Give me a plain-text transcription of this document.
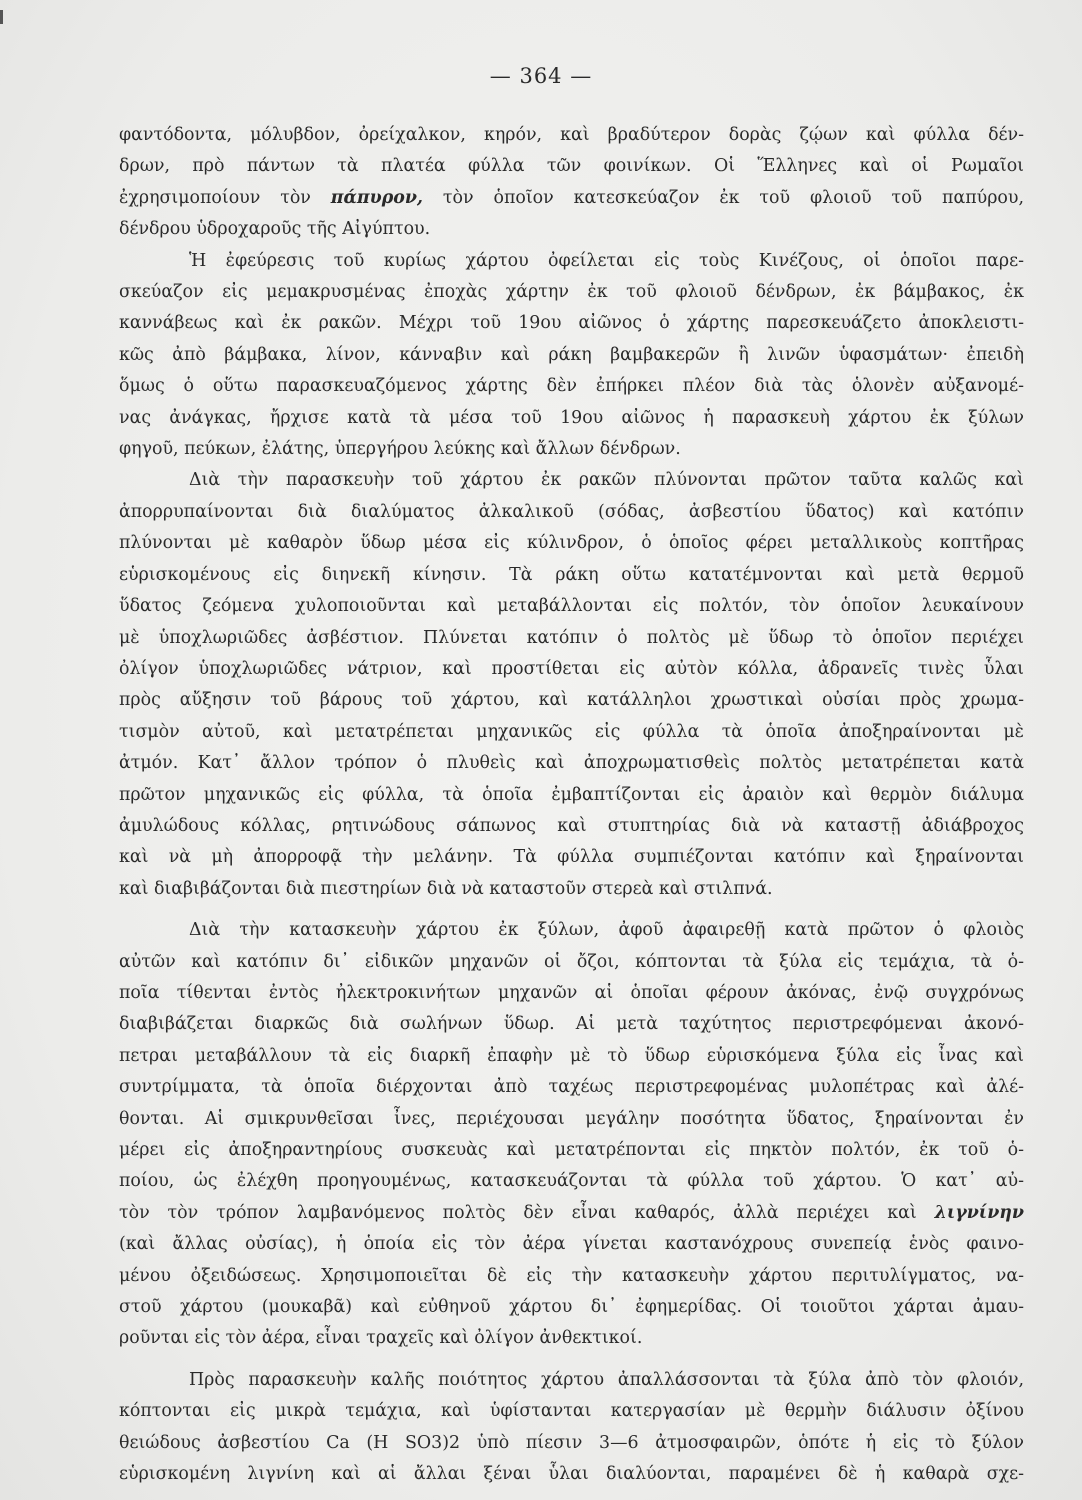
— 364 —
φαντόδοντα, μόλυβδον, ὀρείχαλκον, κηρόν, καὶ βραδύτερον δορὰς ζῴων καὶ φύλλα δέν-
δρων, πρὸ πάντων τὰ πλατέα φύλλα τῶν φοινίκων. Οἱ Ἕλληνες καὶ οἱ Ρωμαῖοι
ἐχρησιμοποίουν τὸν πάπυρον, τὸν ὁποῖον κατεσκεύαζον ἐκ τοῦ φλοιοῦ τοῦ παπύρου,
δένδρου ὑδροχαροῦς τῆς Αἰγύπτου.
Ἡ ἐφεύρεσις τοῦ κυρίως χάρτου ὀφείλεται εἰς τοὺς Κινέζους, οἱ ὁποῖοι παρε-
σκεύαζον εἰς μεμακρυσμένας ἐποχὰς χάρτην ἐκ τοῦ φλοιοῦ δένδρων, ἐκ βάμβακος, ἐκ
καννάβεως καὶ ἐκ ρακῶν. Μέχρι τοῦ 19ου αἰῶνος ὁ χάρτης παρεσκευάζετο ἀποκλειστι-
κῶς ἀπὸ βάμβακα, λίνον, κάνναβιν καὶ ράκη βαμβακερῶν ἢ λινῶν ὑφασμάτων· ἐπειδὴ
ὅμως ὁ οὕτω παρασκευαζόμενος χάρτης δὲν ἐπήρκει πλέον διὰ τὰς ὁλονὲν αὐξανομέ-
νας ἀνάγκας, ἤρχισε κατὰ τὰ μέσα τοῦ 19ου αἰῶνος ἡ παρασκευὴ χάρτου ἐκ ξύλων
φηγοῦ, πεύκων, ἐλάτης, ὑπεργήρου λεύκης καὶ ἄλλων δένδρων.
Διὰ τὴν παρασκευὴν τοῦ χάρτου ἐκ ρακῶν πλύνονται πρῶτον ταῦτα καλῶς καὶ
ἀπορρυπαίνονται διὰ διαλύματος ἀλκαλικοῦ (σόδας, ἀσβεστίου ὕδατος) καὶ κατόπιν
πλύνονται μὲ καθαρὸν ὕδωρ μέσα εἰς κύλινδρον, ὁ ὁποῖος φέρει μεταλλικοὺς κοπτῆρας
εὑρισκομένους εἰς διηνεκῆ κίνησιν. Τὰ ράκη οὕτω κατατέμνονται καὶ μετὰ θερμοῦ
ὕδατος ζεόμενα χυλοποιοῦνται καὶ μεταβάλλονται εἰς πολτόν, τὸν ὁποῖον λευκαίνουν
μὲ ὑποχλωριῶδες ἀσβέστιον. Πλύνεται κατόπιν ὁ πολτὸς μὲ ὕδωρ τὸ ὁποῖον περιέχει
ὀλίγον ὑποχλωριῶδες νάτριον, καὶ προστίθεται εἰς αὐτὸν κόλλα, ἀδρανεῖς τινὲς ὗλαι
πρὸς αὔξησιν τοῦ βάρους τοῦ χάρτου, καὶ κατάλληλοι χρωστικαὶ οὐσίαι πρὸς χρωμα-
τισμὸν αὐτοῦ, καὶ μετατρέπεται μηχανικῶς εἰς φύλλα τὰ ὁποῖα ἀποξηραίνονται μὲ
ἀτμόν. Κατ᾽ ἄλλον τρόπον ὁ πλυθεὶς καὶ ἀποχρωματισθεὶς πολτὸς μετατρέπεται κατὰ
πρῶτον μηχανικῶς εἰς φύλλα, τὰ ὁποῖα ἐμβαπτίζονται εἰς ἀραιὸν καὶ θερμὸν διάλυμα
ἀμυλώδους κόλλας, ρητινώδους σάπωνος καὶ στυπτηρίας διὰ νὰ καταστῇ ἀδιάβροχος
καὶ νὰ μὴ ἀπορροφᾷ τὴν μελάνην. Τὰ φύλλα συμπιέζονται κατόπιν καὶ ξηραίνονται
καὶ διαβιβάζονται διὰ πιεστηρίων διὰ νὰ καταστοῦν στερεὰ καὶ στιλπνά.
Διὰ τὴν κατασκευὴν χάρτου ἐκ ξύλων, ἀφοῦ ἀφαιρεθῇ κατὰ πρῶτον ὁ φλοιὸς
αὐτῶν καὶ κατόπιν δι᾽ εἰδικῶν μηχανῶν οἱ ὄζοι, κόπτονται τὰ ξύλα εἰς τεμάχια, τὰ ὁ-
ποῖα τίθενται ἐντὸς ἠλεκτροκινήτων μηχανῶν αἱ ὁποῖαι φέρουν ἀκόνας, ἐνῷ συγχρόνως
διαβιβάζεται διαρκῶς διὰ σωλήνων ὕδωρ. Αἱ μετὰ ταχύτητος περιστρεφόμεναι ἀκονό-
πετραι μεταβάλλουν τὰ εἰς διαρκῆ ἐπαφὴν μὲ τὸ ὕδωρ εὑρισκόμενα ξύλα εἰς ἶνας καὶ
συντρίμματα, τὰ ὁποῖα διέρχονται ἀπὸ ταχέως περιστρεφομένας μυλοπέτρας καὶ ἀλέ-
θονται. Αἱ σμικρυνθεῖσαι ἶνες, περιέχουσαι μεγάλην ποσότητα ὕδατος, ξηραίνονται ἐν
μέρει εἰς ἀποξηραντηρίους συσκευὰς καὶ μετατρέπονται εἰς πηκτὸν πολτόν, ἐκ τοῦ ὁ-
ποίου, ὡς ἐλέχθη προηγουμένως, κατασκευάζονται τὰ φύλλα τοῦ χάρτου. Ὁ κατ᾽ αὐ-
τὸν τὸν τρόπον λαμβανόμενος πολτὸς δὲν εἶναι καθαρός, ἀλλὰ περιέχει καὶ λιγνίνην
(καὶ ἄλλας οὐσίας), ἡ ὁποία εἰς τὸν ἀέρα γίνεται καστανόχρους συνεπείᾳ ἑνὸς φαινο-
μένου ὀξειδώσεως. Χρησιμοποιεῖται δὲ εἰς τὴν κατασκευὴν χάρτου περιτυλίγματος, να-
στοῦ χάρτου (μουκαβᾶ) καὶ εὐθηνοῦ χάρτου δι᾽ ἐφημερίδας. Οἱ τοιοῦτοι χάρται ἀμαυ-
ροῦνται εἰς τὸν ἀέρα, εἶναι τραχεῖς καὶ ὀλίγον ἀνθεκτικοί.
Πρὸς παρασκευὴν καλῆς ποιότητος χάρτου ἀπαλλάσσονται τὰ ξύλα ἀπὸ τὸν φλοιόν,
κόπτονται εἰς μικρὰ τεμάχια, καὶ ὑφίστανται κατεργασίαν μὲ θερμὴν διάλυσιν ὀξίνου
θειώδους ἀσβεστίου Ca (H SO3)2 ὑπὸ πίεσιν 3—6 ἀτμοσφαιρῶν, ὁπότε ἡ εἰς τὸ ξύλον
εὑρισκομένη λιγνίνη καὶ αἱ ἄλλαι ξέναι ὗλαι διαλύονται, παραμένει δὲ ἡ καθαρὰ σχε-
